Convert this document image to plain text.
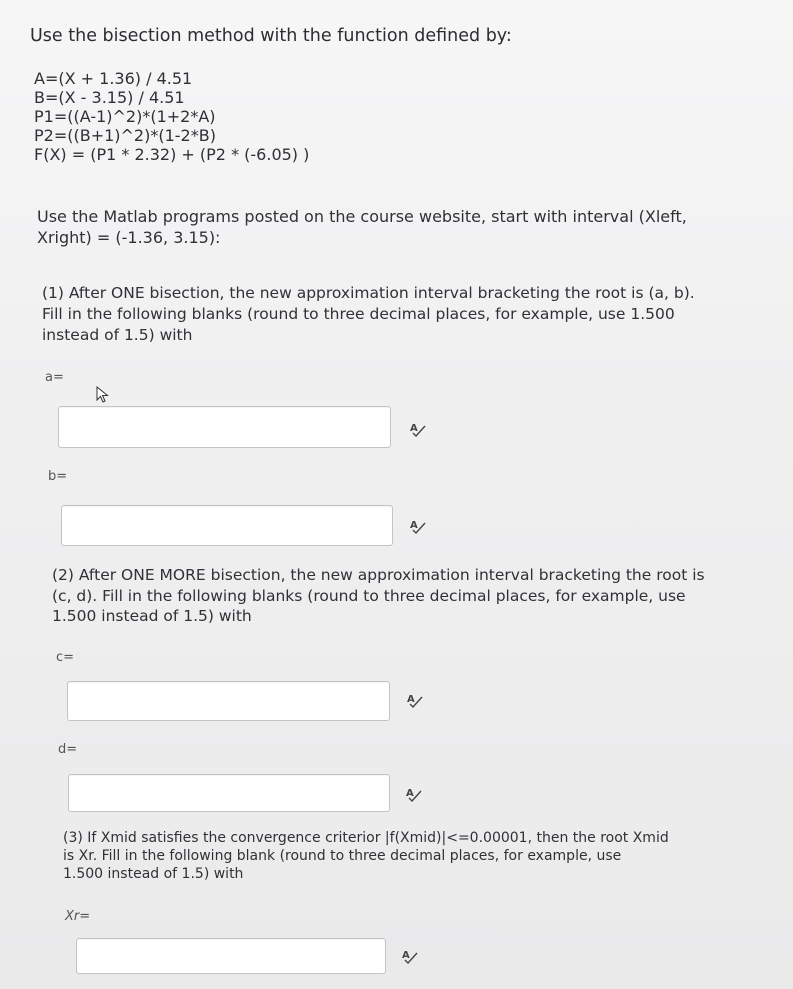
Use the bisection method with the function defined by:
A=(X + 1.36) / 4.51
B=(X - 3.15) / 4.51
P1=((A-1)^2)*(1+2*A)
P2=((B+1)^2)*(1-2*B)
F(X) = (P1 * 2.32) + (P2 * (-6.05) )
Use the Matlab programs posted on the course website, start with interval (Xleft,
Xright) = (-1.36, 3.15):
(1) After ONE bisection, the new approximation interval bracketing the root is (a, b).
Fill in the following blanks (round to three decimal places, for example, use 1.500
instead of 1.5) with
a=
A
b=
A
(2) After ONE MORE bisection, the new approximation interval bracketing the root is
(c, d). Fill in the following blanks (round to three decimal places, for example, use
1.500 instead of 1.5) with
c=
A
d=
A
(3) If Xmid satisfies the convergence criterior |f(Xmid)|<=0.00001, then the root Xmid
is Xr. Fill in the following blank (round to three decimal places, for example, use
1.500 instead of 1.5) with
Xr=
A
